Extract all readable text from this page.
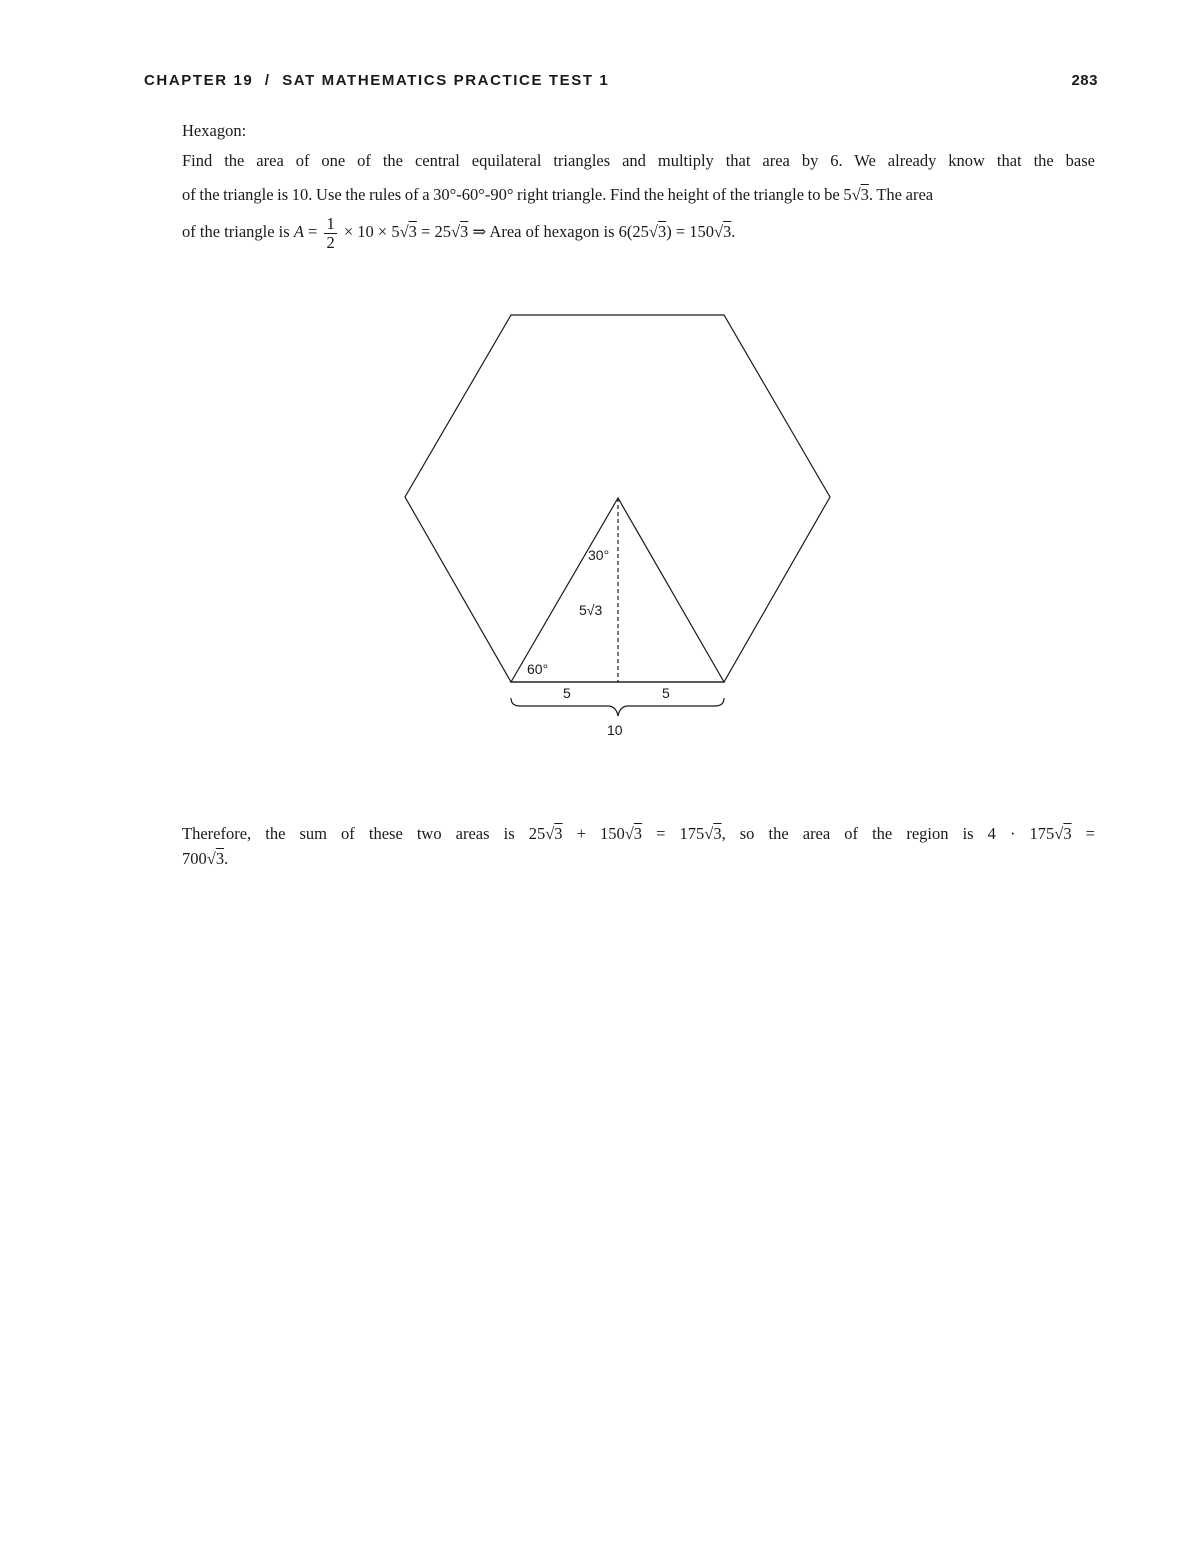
CHAPTER 19  /  SAT MATHEMATICS PRACTICE TEST 1	283
Hexagon:
Find the area of one of the central equilateral triangles and multiply that area by 6. We already know that the base
of the triangle is 10. Use the rules of a 30°-60°-90° right triangle. Find the height of the triangle to be 5√3. The area
of the triangle is $A = \frac{1}{2} \times 10 \times 5√3 = 25√3$ ⇒ Area of hexagon is 6(25√3) = 150√3.
30°
5√3
60°
5	5
10
Therefore, the sum of these two areas is 25√3 + 150√3 = 175√3, so the area of the region is 4 · 175√3 =
700√3.
